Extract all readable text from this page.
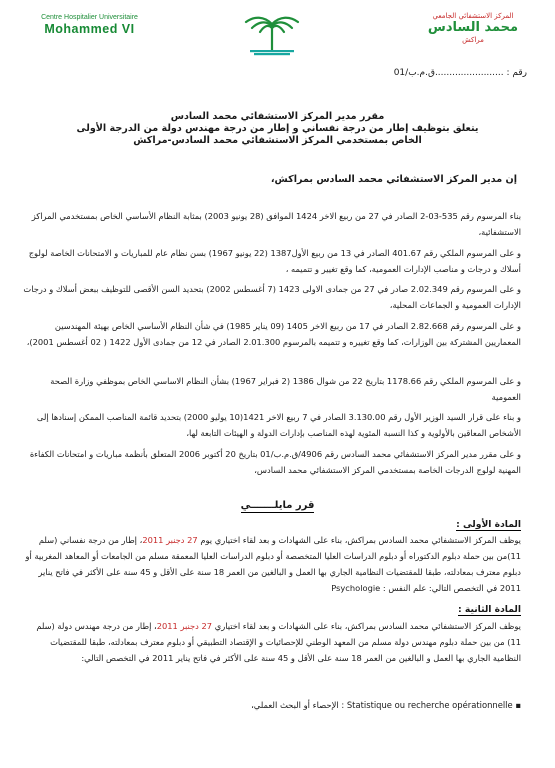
Centre Hospitalier Universitaire
Mohammed VI
المركز الاستشفائي الجامعي
محمد السادس
مراكش
رقم : ........................ق.م.ب/01
مقرر مدير المركز الاستشفائي محمد السادس
يتعلق بتوظيف إطار من درجة نفساني و إطار من درجة مهندس دولة من الدرجة الأولى
الخاص بمستخدمي المركز الاستشفائي محمد السادس-مراكش
إن مدير المركز الاستشفائي محمد السادس بمراكش،
بناء المرسوم رقم 535-03-2 الصادر في 27 من ربيع الاخر 1424 الموافق (28 يونيو 2003) بمثابة النظام الأساسي الخاص بمستخدمي المراكز الاستشفائية،
و على المرسوم الملكي رقم 401.67 الصادر في 13 من ربيع الأول1387 (22 يونيو 1967) بسن نظام عام للمباريات و الامتحانات الخاصة لولوج أسلاك و درجات و مناصب الإدارات العمومية، كما وقع تغيير و تتميمه ،
و على المرسوم رقم 2.02.349 صادر في 27 من جمادى الاولى 1423 (7 أغسطس 2002) بتحديد السن الأقصى للتوظيف ببعض أسلاك و درجات الإدارات العمومية و الجماعات المحلية،
و على المرسوم رقم 2.82.668 الصادر في 17 من ربيع الاخر 1405 (09 يناير 1985) في شأن النظام الأساسي الخاص بهيئة المهندسين المعماريين المشتركة بين الوزارات، كما وقع تغييره و تتميمه بالمرسوم 2.01.300 الصادر في 12 من جمادى الأول 1422 ( 02 أغسطس 2001)،
و على المرسوم الملكي رقم 1178.66 بتاريخ 22 من شوال 1386 (2 فبراير 1967) بشأن النظام الاساسي الخاص بموظفي وزارة الصحة العمومية
و بناء على قرار السيد الوزير الأول رقم 3.130.00 الصادر في 7 ربيع الاخر 1421(10 يوليو 2000) بتحديد قائمة المناصب الممكن إسنادها إلى الأشخاص المعاقين بالأولوية و كذا النسبة المئوية لهذه المناصب بإدارات الدولة و الهيئات التابعة لها،
و على مقرر مدير المركز الاستشفائي محمد السادس رقم 4906/ق.م.ب/01 بتاريخ 20 أكتوبر 2006 المتعلق بأنظمة مباريات و امتحانات الكفاءة المهنية لولوج الدرجات الخاصة بمستخدمي المركز الاستشفائي محمد السادس،
قرر مايلـــــــي
المادة الأولى :
يوظف المركز الاستشفائي محمد السادس بمراكش، بناء على الشهادات و بعد لقاء اختياري يوم 27 دجنبر 2011، إطار من درجة نفساني (سلم 11)من بين حملة دبلوم الدكتوراه أو دبلوم الدراسات العليا المتخصصة أو دبلوم الدراسات العليا المعمقة مسلم من الجامعات أو المعاهد المغربية أو دبلوم معترف بمعادلته، طبقا للمقتضيات النظامية الجاري بها العمل و البالغين من العمر 18 سنة على الأقل و 45 سنة على الأكثر في فاتح يناير 2011 في التخصص التالي: علم النفس : Psychologie
المادة الثانية :
يوظف المركز الاستشفائي محمد السادس بمراكش، بناء على الشهادات و بعد لقاء اختياري 27 دجنبر 2011، إطار من درجة مهندس دولة (سلم 11) من بين حملة دبلوم مهندس دولة مسلم من المعهد الوطني للإحصائيات و الإقتصاد التطبيقي أو دبلوم معترف بمعادلته، طبقا للمقتضيات النظامية الجاري بها العمل و البالغين من العمر 18 سنة على الأقل و 45 سنة على الأكثر في فاتح يناير 2011 في التخصص التالي:
▪ Statistique ou recherche opérationnelle : الإحصاء أو البحث العملي،
